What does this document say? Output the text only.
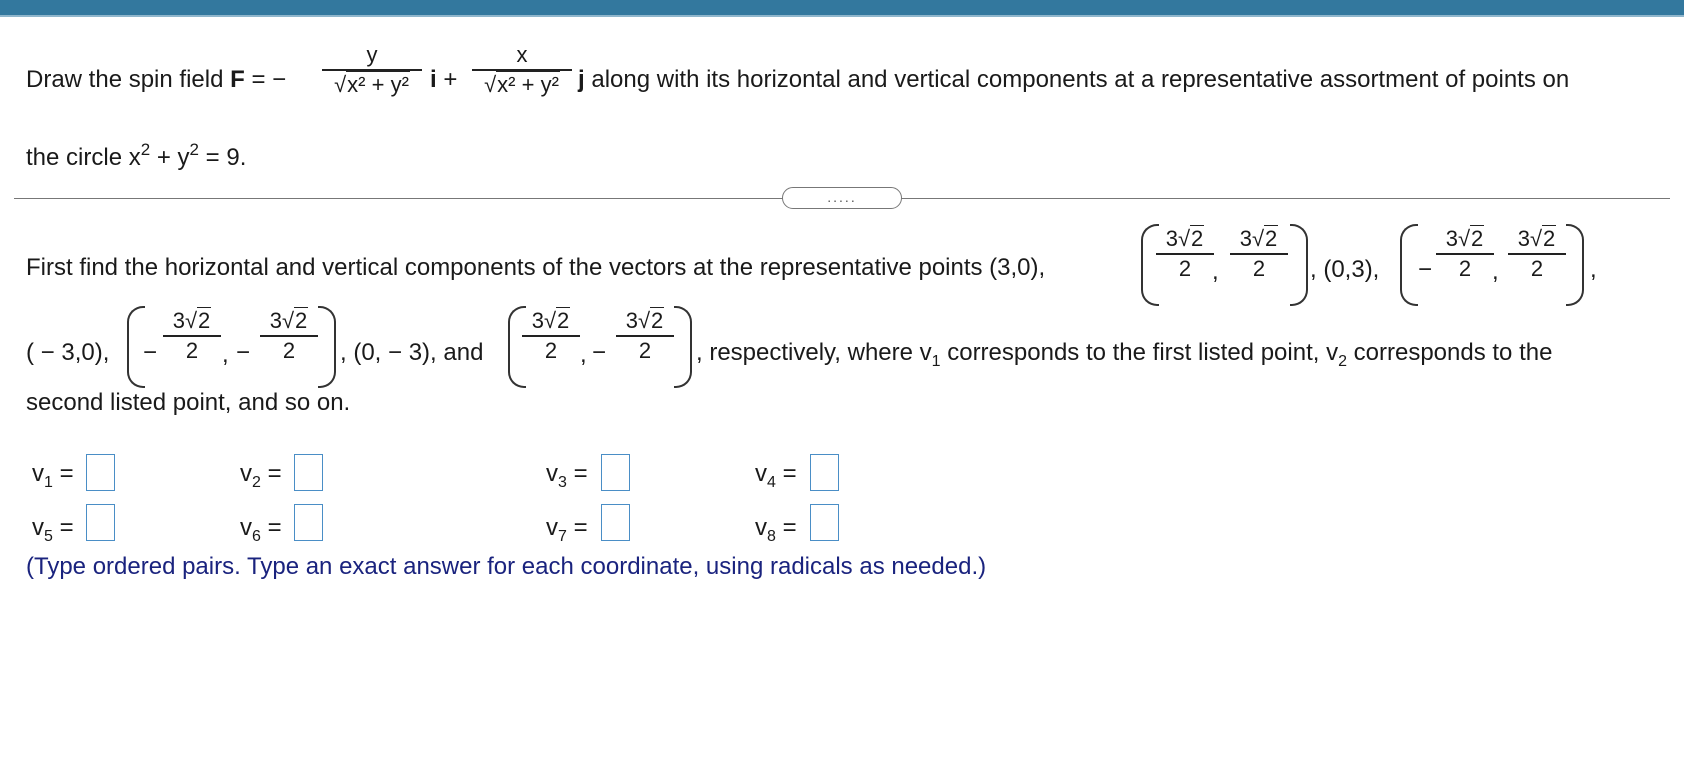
Draw the spin field F = −
y
√x² + y² i +
x
√x² + y² j along with its horizontal and vertical components at a representative assortment of points on
the circle $x^2 + y^2 = 9$.
.....
First find the horizontal and vertical components of the vectors at the representative points (3,0),
3√2
2 ,
3√2
2	, (0,3), −
3√2
2 ,
3√2
2	,
( − 3,0), −
3√2
2 , −
3√2
2	, (0, − 3), and
3√2
2 , −
3√2
2	, respectively, where $v_1$ corresponds to the first listed point, $v_2$ corresponds to the
second listed point, and so on.
$v_1$ =	$v_2$ =	$v_3$ =	$v_4$ =
$v_5$ =	$v_6$ =	$v_7$ =	$v_8$ =
(Type ordered pairs. Type an exact answer for each coordinate, using radicals as needed.)
